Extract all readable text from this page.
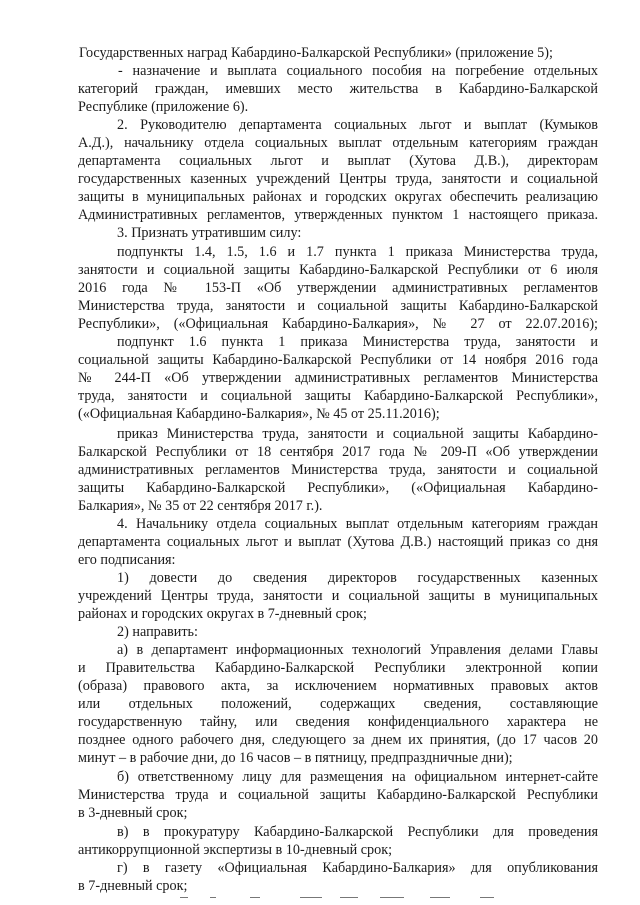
Государственных наград Кабардино-Балкарской Республики» (приложение 5);
- назначение и выплата социального пособия на погребение отдельных
категорий граждан, имевших место жительства в Кабардино-Балкарской
Республике (приложение 6).
2. Руководителю департамента социальных льгот и выплат (Кумыков
А.Д.), начальнику отдела социальных выплат отдельным категориям граждан
департамента социальных льгот и выплат (Хутова Д.В.), директорам
государственных казенных учреждений Центры труда, занятости и социальной
защиты в муниципальных районах и городских округах обеспечить реализацию
Административных регламентов, утвержденных пунктом 1 настоящего приказа.
3. Признать утратившим силу:
подпункты 1.4, 1.5, 1.6 и 1.7 пункта 1 приказа Министерства труда,
занятости и социальной защиты Кабардино-Балкарской Республики от 6 июля
2016 года № 153-П «Об утверждении административных регламентов
Министерства труда, занятости и социальной защиты Кабардино-Балкарской
Республики», («Официальная Кабардино-Балкария», № 27 от 22.07.2016);
подпункт 1.6 пункта 1 приказа Министерства труда, занятости и
социальной защиты Кабардино-Балкарской Республики от 14 ноября 2016 года
№ 244-П «Об утверждении административных регламентов Министерства
труда, занятости и социальной защиты Кабардино-Балкарской Республики»,
(«Официальная Кабардино-Балкария», № 45 от 25.11.2016);
приказ Министерства труда, занятости и социальной защиты Кабардино-
Балкарской Республики от 18 сентября 2017 года № 209-П «Об утверждении
административных регламентов Министерства труда, занятости и социальной
защиты Кабардино-Балкарской Республики», («Официальная Кабардино-
Балкария», № 35 от 22 сентября 2017 г.).
4. Начальнику отдела социальных выплат отдельным категориям граждан
департамента социальных льгот и выплат (Хутова Д.В.) настоящий приказ со дня
его подписания:
1) довести до сведения директоров государственных казенных
учреждений Центры труда, занятости и социальной защиты в муниципальных
районах и городских округах в 7-дневный срок;
2) направить:
а) в департамент информационных технологий Управления делами Главы
и Правительства Кабардино-Балкарской Республики электронной копии
(образа) правового акта, за исключением нормативных правовых актов
или отдельных положений, содержащих сведения, составляющие
государственную тайну, или сведения конфиденциального характера не
позднее одного рабочего дня, следующего за днем их принятия, (до 17 часов 20
минут – в рабочие дни, до 16 часов – в пятницу, предпраздничные дни);
б) ответственному лицу для размещения на официальном интернет-сайте
Министерства труда и социальной защиты Кабардино-Балкарской Республики
в 3-дневный срок;
в) в прокуратуру Кабардино-Балкарской Республики для проведения
антикоррупционной экспертизы в 10-дневный срок;
г) в газету «Официальная Кабардино-Балкария» для опубликования
в 7-дневный срок;
